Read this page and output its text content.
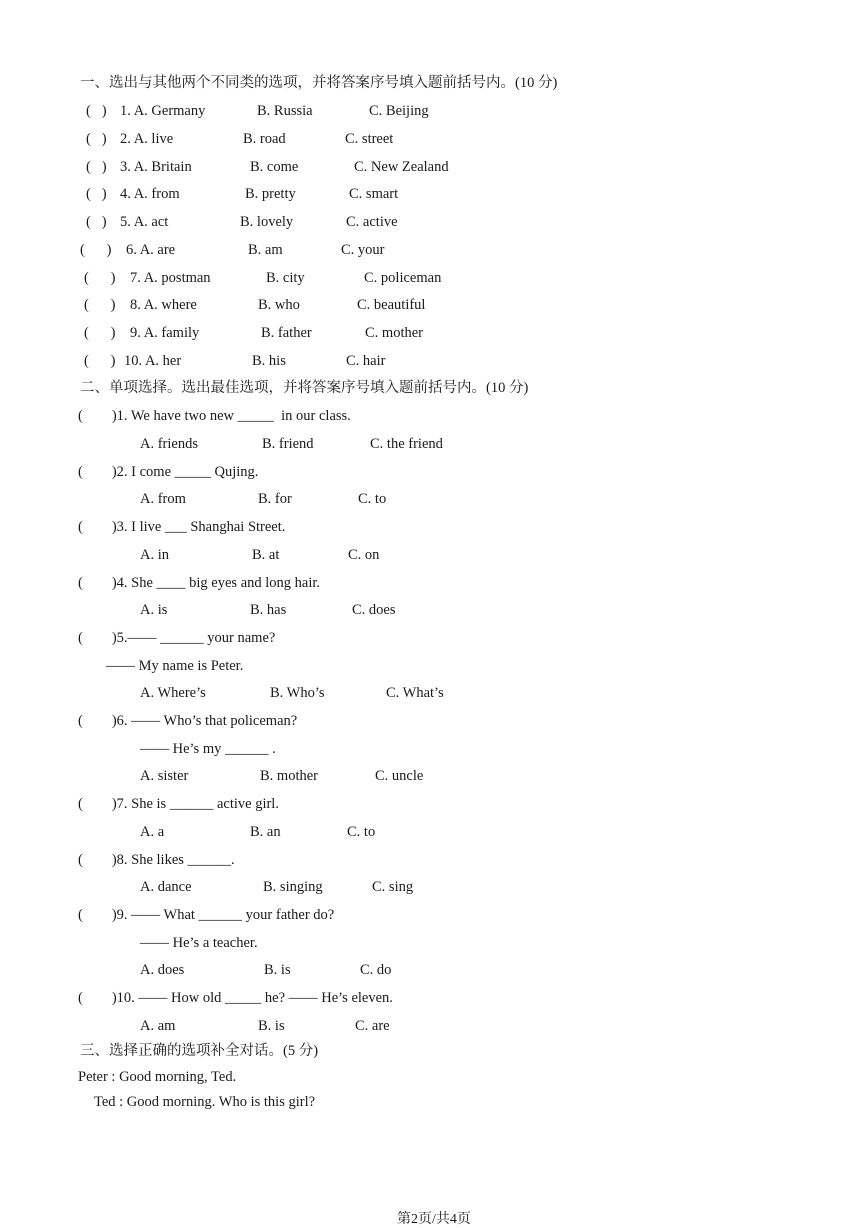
一、选出与其他两个不同类的选项，并将答案序号填入题前括号内。(10 分)
(   ) 1. A. Germany	B. Russia	C. Beijing
(   ) 2. A. live	B. road	C. street
(   ) 3. A. Britain	B. come	C. New Zealand
(   ) 4. A. from	B. pretty	C. smart
(   ) 5. A. act	B. lovely	C. active
(      ) 6. A. are	B. am	C. your
(      ) 7. A. postman	B. city	C. policeman
(      ) 8. A. where	B. who	C. beautiful
(      ) 9. A. family	B. father	C. mother
(      ) 10. A. her	B. his	C. hair
二、单项选择。选出最佳选项，并将答案序号填入题前括号内。(10 分)
(        )1. We have two new _____  in our class.
A. friends	B. friend	C. the friend
(        )2. I come _____ Qujing.
A. from	B. for	C. to
(        )3. I live ___ Shanghai Street.
A. in	B. at	C. on
(        )4. She ____ big eyes and long hair.
A. is	B. has	C. does
(        )5.—— ______ your name?
—— My name is Peter.
A. Where’s	B. Who’s	C. What’s
(        )6. —— Who’s that policeman?
—— He’s my ______ .
A. sister	B. mother	C. uncle
(        )7. She is ______ active girl.
A. a	B. an	C. to
(        )8. She likes ______.
A. dance	B. singing	C. sing
(        )9. —— What ______ your father do?
—— He’s a teacher.
A. does	B. is	C. do
(        )10. —— How old _____ he? —— He’s eleven.
A. am	B. is	C. are
三、选择正确的选项补全对话。(5 分)
Peter : Good morning, Ted.
Ted : Good morning. Who is this girl?
第2页/共4页
